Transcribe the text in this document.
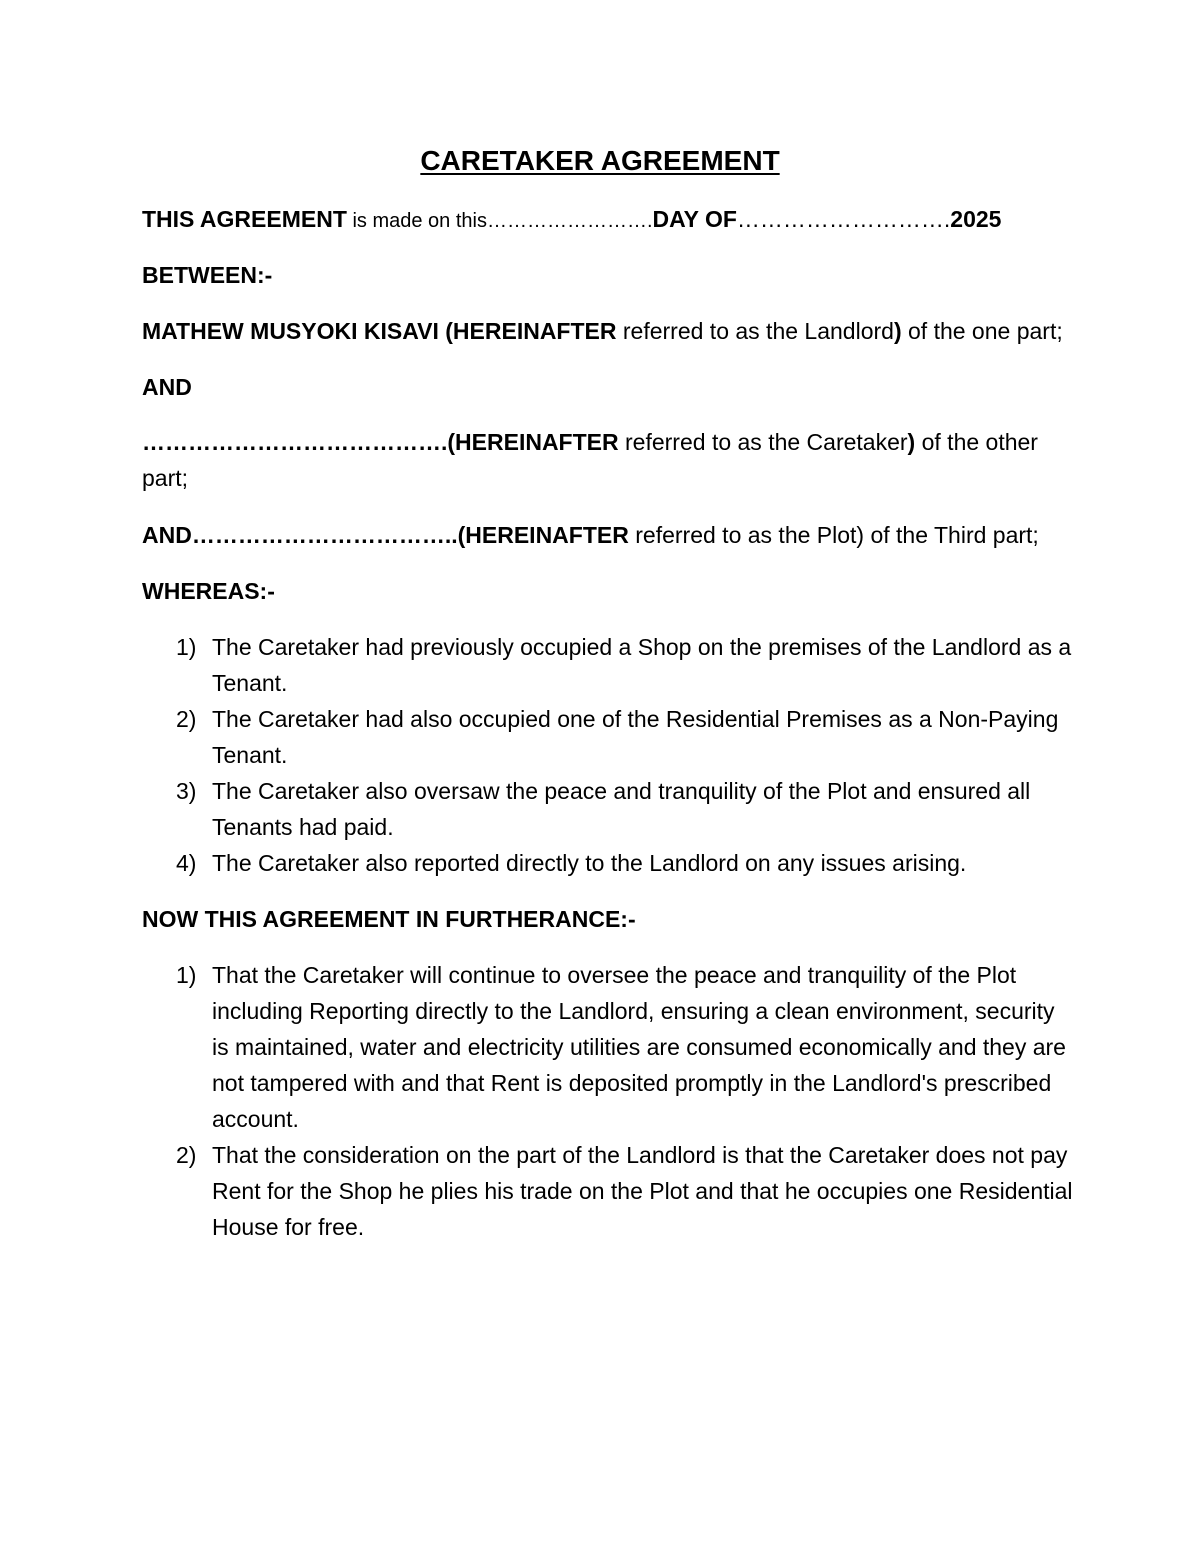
CARETAKER AGREEMENT

THIS AGREEMENT is made on this…………………….DAY OF……………………….2025

BETWEEN:-

MATHEW MUSYOKI KISAVI (HEREINAFTER referred to as the Landlord) of the one part;

AND

………………………………….(HEREINAFTER referred to as the Caretaker) of the other

part;

AND……………………………..(HEREINAFTER referred to as the Plot) of the Third part;

WHEREAS:-

1) The Caretaker had previously occupied a Shop on the premises of the Landlord as a
Tenant.
2) The Caretaker had also occupied one of the Residential Premises as a Non-Paying
Tenant.
3) The Caretaker also oversaw the peace and tranquility of the Plot and ensured all
Tenants had paid.
4) The Caretaker also reported directly to the Landlord on any issues arising.

NOW THIS AGREEMENT IN FURTHERANCE:-

1) That the Caretaker will continue to oversee the peace and tranquility of the Plot
including Reporting directly to the Landlord, ensuring a clean environment, security
is maintained, water and electricity utilities are consumed economically and they are
not tampered with and that Rent is deposited promptly in the Landlord's prescribed
account.
2) That the consideration on the part of the Landlord is that the Caretaker does not pay
Rent for the Shop he plies his trade on the Plot and that he occupies one Residential
House for free.
